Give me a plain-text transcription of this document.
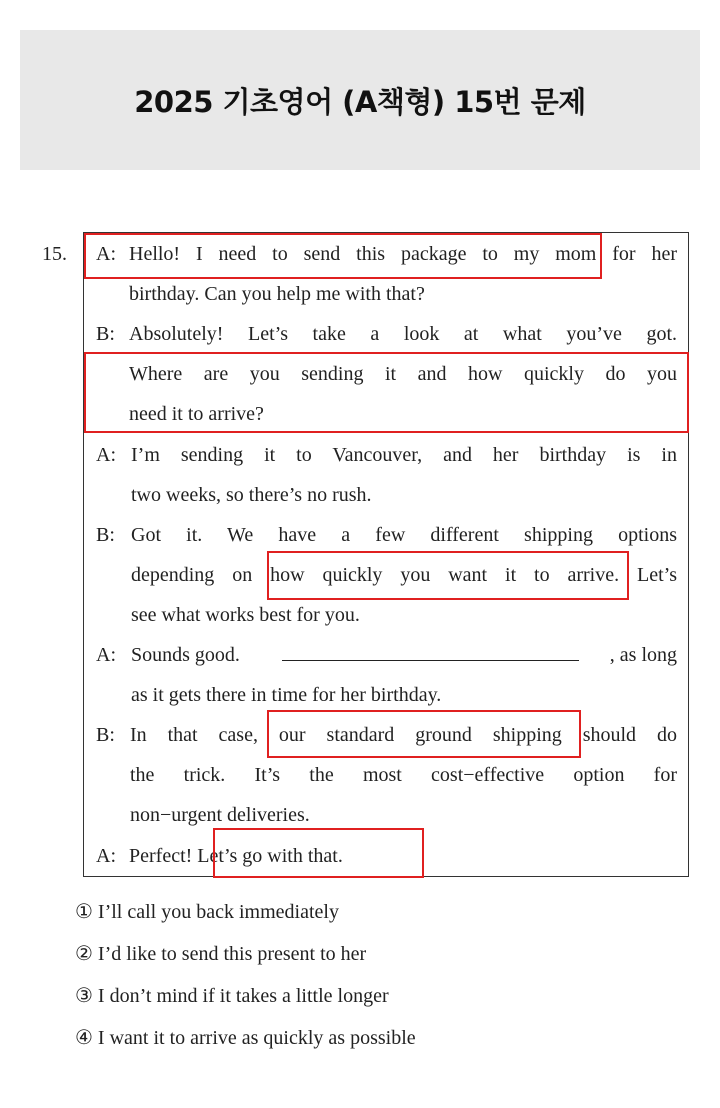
2025 기초영어 (A책형) 15번 문제
15. A: Hello! I need to send this package to my mom for her
birthday. Can you help me with that?
B: Absolutely! Let’s take a look at what you’ve got.
Where are you sending it and how quickly do you
need it to arrive?
A: I’m sending it to Vancouver, and her birthday is in
two weeks, so there’s no rush.
B: Got it. We have a few different shipping options
depending on how quickly you want it to arrive. Let’s
see what works best for you.
A: Sounds good.	, as long
as it gets there in time for her birthday.
B: In that case, our standard ground shipping should do
the trick. It’s the most cost−effective option for
non−urgent deliveries.
A: Perfect! Let’s go with that.
① I’ll call you back immediately
② I’d like to send this present to her
③ I don’t mind if it takes a little longer
④ I want it to arrive as quickly as possible
